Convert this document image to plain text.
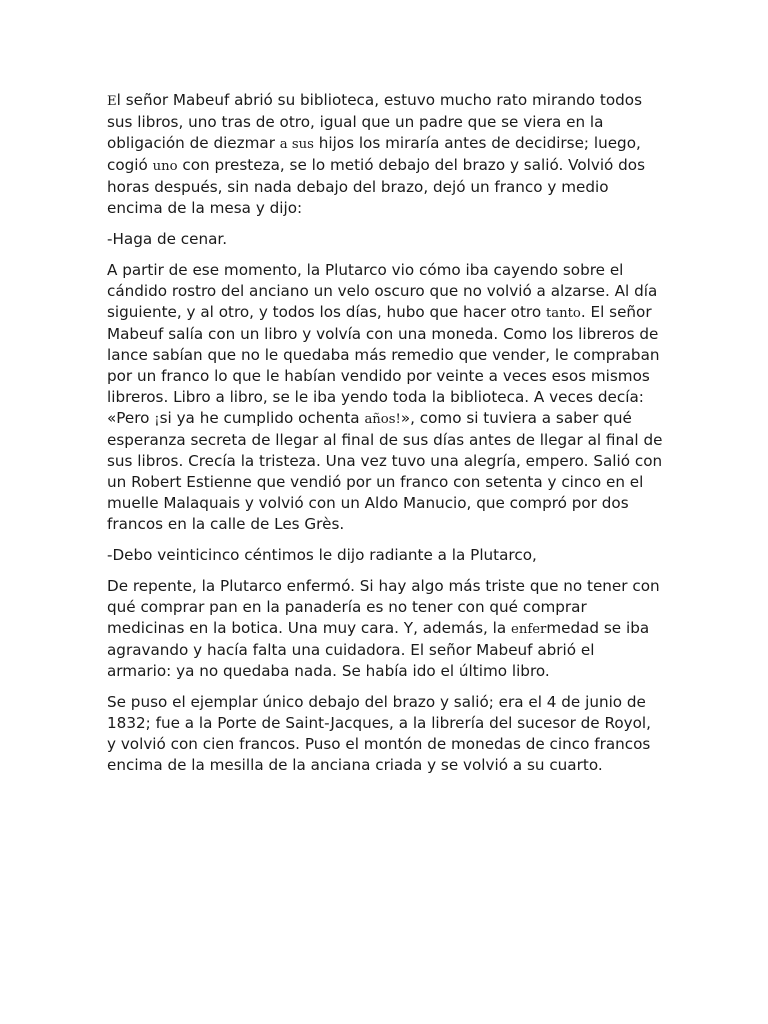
El señor Mabeuf abrió su biblioteca, estuvo mucho rato mirando todos sus libros, uno tras de otro, igual que un padre que se viera en la obligación de diezmar a sus hijos los miraría antes de decidirse; luego, cogió uno con presteza, se lo metió debajo del brazo y salió. Volvió dos horas después, sin nada debajo del brazo, dejó un franco y medio encima de la mesa y dijo:

-Haga de cenar.

A partir de ese momento, la Plutarco vio cómo iba cayendo sobre el cándido rostro del anciano un velo oscuro que no volvió a alzarse. Al día siguiente, y al otro, y todos los días, hubo que hacer otro tanto. El señor Mabeuf salía con un libro y volvía con una moneda. Como los libreros de lance sabían que no le quedaba más remedio que vender, le compraban por un franco lo que le habían vendido por veinte a veces esos mismos libreros. Libro a libro, se le iba yendo toda la biblioteca. A veces decía: «Pero ¡si ya he cumplido ochenta años!», como si tuviera a saber qué esperanza secreta de llegar al final de sus días antes de llegar al final de sus libros. Crecía la tristeza. Una vez tuvo una alegría, empero. Salió con un Robert Estienne que vendió por un franco con setenta y cinco en el muelle Malaquais y volvió con un Aldo Manucio, que compró por dos francos en la calle de Les Grès.

-Debo veinticinco céntimos le dijo radiante a la Plutarco,

De repente, la Plutarco enfermó. Si hay algo más triste que no tener con qué comprar pan en la panadería es no tener con qué comprar medicinas en la botica. Una muy cara. Y, además, la enfermedad se iba agravando y hacía falta una cuidadora. El señor Mabeuf abrió el armario: ya no quedaba nada. Se había ido el último libro.

Se puso el ejemplar único debajo del brazo y salió; era el 4 de junio de 1832; fue a la Porte de Saint-Jacques, a la librería del sucesor de Royol, y volvió con cien francos. Puso el montón de monedas de cinco francos encima de la mesilla de la anciana criada y se volvió a su cuarto.
